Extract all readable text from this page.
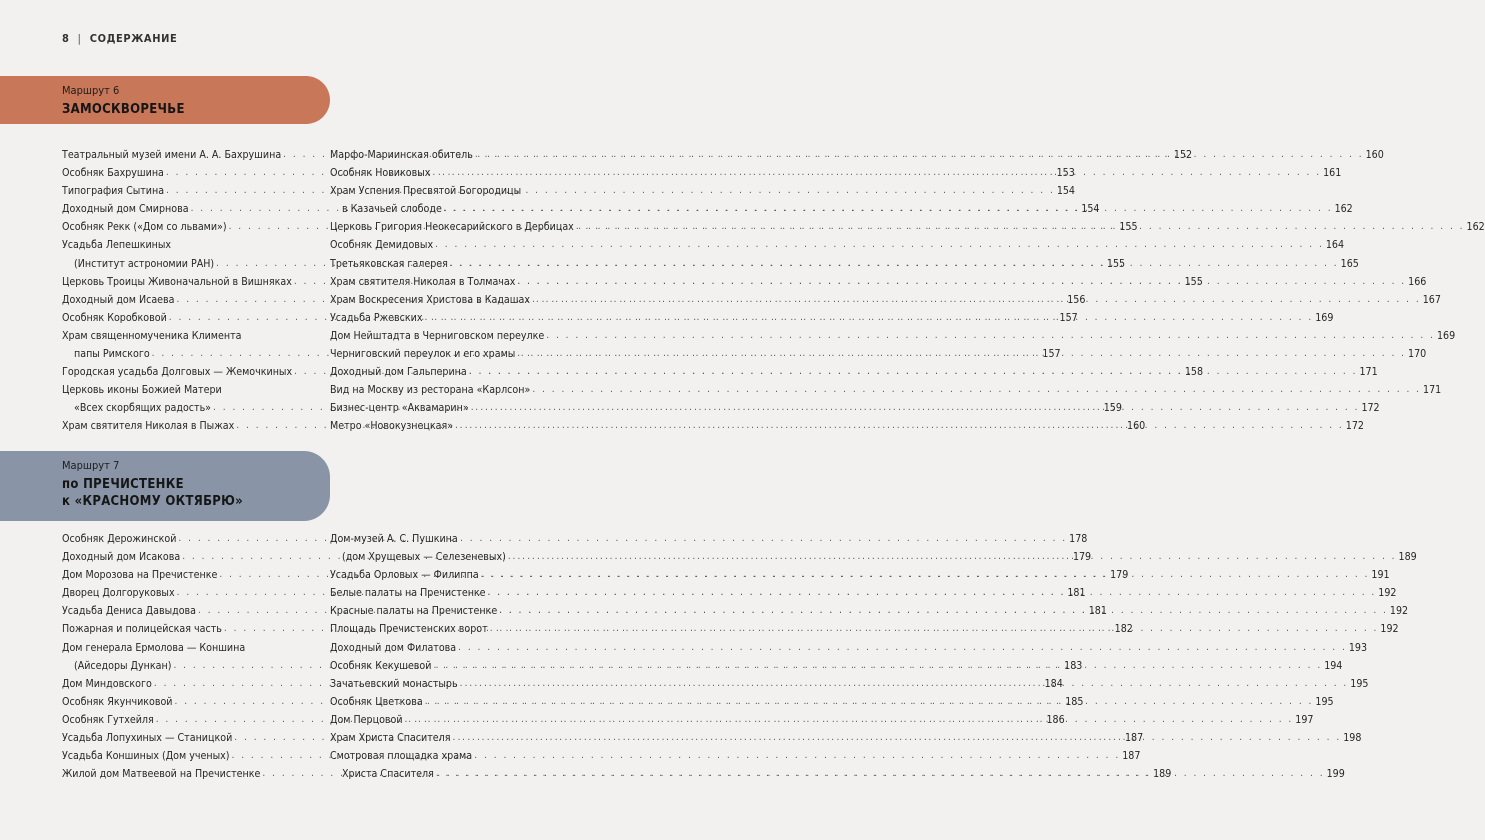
8 | СОДЕРЖАНИЕ
Маршрут 6
ЗАМОСКВОРЕЧЬЕ
Театральный музей имени А. А. Бахрушина . . .	152
Особняк Бахрушина . . .	153
Типография Сытина . . .	154
Доходный дом Смирнова . . .	154
Особняк Рекк («Дом со львами») . . .	155
Усадьба Лепешкиных
(Институт астрономии РАН) . . .	155
Церковь Троицы Живоначальной в Вишняках . . .	155
Доходный дом Исаева . . .	156
Особняк Коробковой . . .	157
Храм священномученика Климента
папы Римского . . .	157
Городская усадьба Долговых — Жемочкиных . . .	158
Церковь иконы Божией Матери
«Всех скорбящих радость» . . .	159
Храм святителя Николая в Пыжах . . .	160
Марфо-Мариинская обитель . . .	160
Особняк Новиковых . . .	161
Храм Успения Пресвятой Богородицы
в Казачьей слободе . . .	162
Церковь Григория Неокесарийского в Дербицах . . .	162
Особняк Демидовых . . .	164
Третьяковская галерея . . .	165
Храм святителя Николая в Толмачах . . .	166
Храм Воскресения Христова в Кадашах . . .	167
Усадьба Ржевских . . .	169
Дом Нейштадта в Черниговском переулке . . .	169
Черниговский переулок и его храмы . . .	170
Доходный дом Гальперина . . .	171
Вид на Москву из ресторана «Карлсон» . . .	171
Бизнес-центр «Аквамарин» . . .	172
Метро «Новокузнецкая» . . .	172
Маршрут 7
по ПРЕЧИСТЕНКЕ
к «КРАСНОМУ ОКТЯБРЮ»
Особняк Дерожинской . . .	178
Доходный дом Исакова . . .	179
Дом Морозова на Пречистенке . . .	179
Дворец Долгоруковых . . .	181
Усадьба Дениса Давыдова . . .	181
Пожарная и полицейская часть . . .	182
Дом генерала Ермолова — Коншина
(Айседоры Дункан) . . .	183
Дом Миндовского . . .	184
Особняк Якунчиковой . . .	185
Особняк Гутхейля . . .	186
Усадьба Лопухиных — Станицкой . . .	187
Усадьба Коншиных (Дом ученых) . . .	187
Жилой дом Матвеевой на Пречистенке . . .	189
Дом-музей А. С. Пушкина
(дом Хрущевых — Селезеневых) . . .	189
Усадьба Орловых — Филиппа . . .	191
Белые палаты на Пречистенке . . .	192
Красные палаты на Пречистенке . . .	192
Площадь Пречистенских ворот . . .	192
Доходный дом Филатова . . .	193
Особняк Кекушевой . . .	194
Зачатьевский монастырь . . .	195
Особняк Цветкова . . .	195
Дом Перцовой . . .	197
Храм Христа Спасителя . . .	198
Смотровая площадка храма
Христа Спасителя . . .	199
